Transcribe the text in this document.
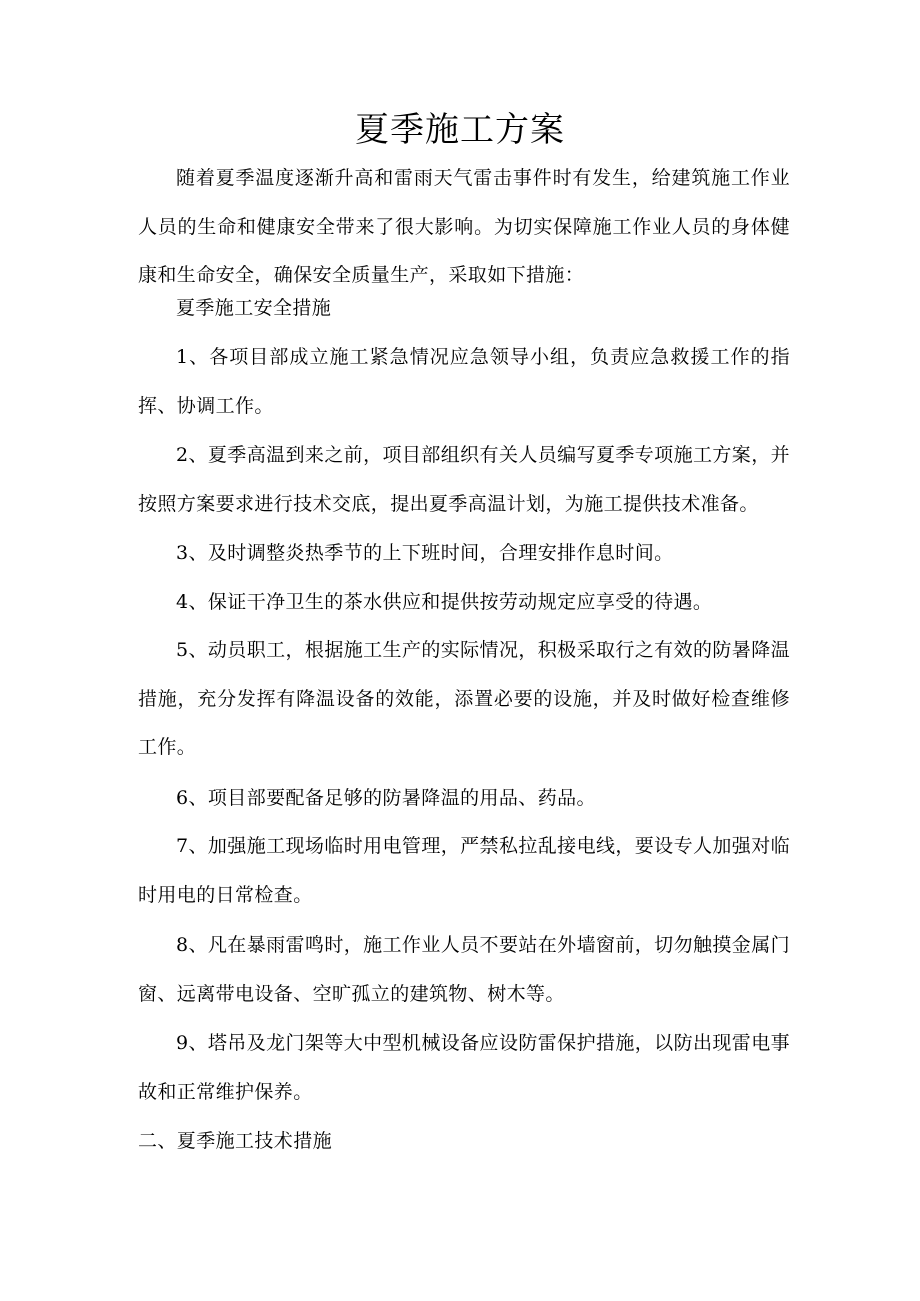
夏季施工方案

随着夏季温度逐渐升高和雷雨天气雷击事件时有发生，给建筑施工作业人员的生命和健康安全带来了很大影响。为切实保障施工作业人员的身体健康和生命安全，确保安全质量生产，采取如下措施：

夏季施工安全措施

1、各项目部成立施工紧急情况应急领导小组，负责应急救援工作的指挥、协调工作。

2、夏季高温到来之前，项目部组织有关人员编写夏季专项施工方案，并按照方案要求进行技术交底，提出夏季高温计划，为施工提供技术准备。

3、及时调整炎热季节的上下班时间，合理安排作息时间。

4、保证干净卫生的茶水供应和提供按劳动规定应享受的待遇。

5、动员职工，根据施工生产的实际情况，积极采取行之有效的防暑降温措施，充分发挥有降温设备的效能，添置必要的设施，并及时做好检查维修工作。

6、项目部要配备足够的防暑降温的用品、药品。

7、加强施工现场临时用电管理，严禁私拉乱接电线，要设专人加强对临时用电的日常检查。

8、凡在暴雨雷鸣时，施工作业人员不要站在外墙窗前，切勿触摸金属门窗、远离带电设备、空旷孤立的建筑物、树木等。

9、塔吊及龙门架等大中型机械设备应设防雷保护措施，以防出现雷电事故和正常维护保养。

二、夏季施工技术措施
